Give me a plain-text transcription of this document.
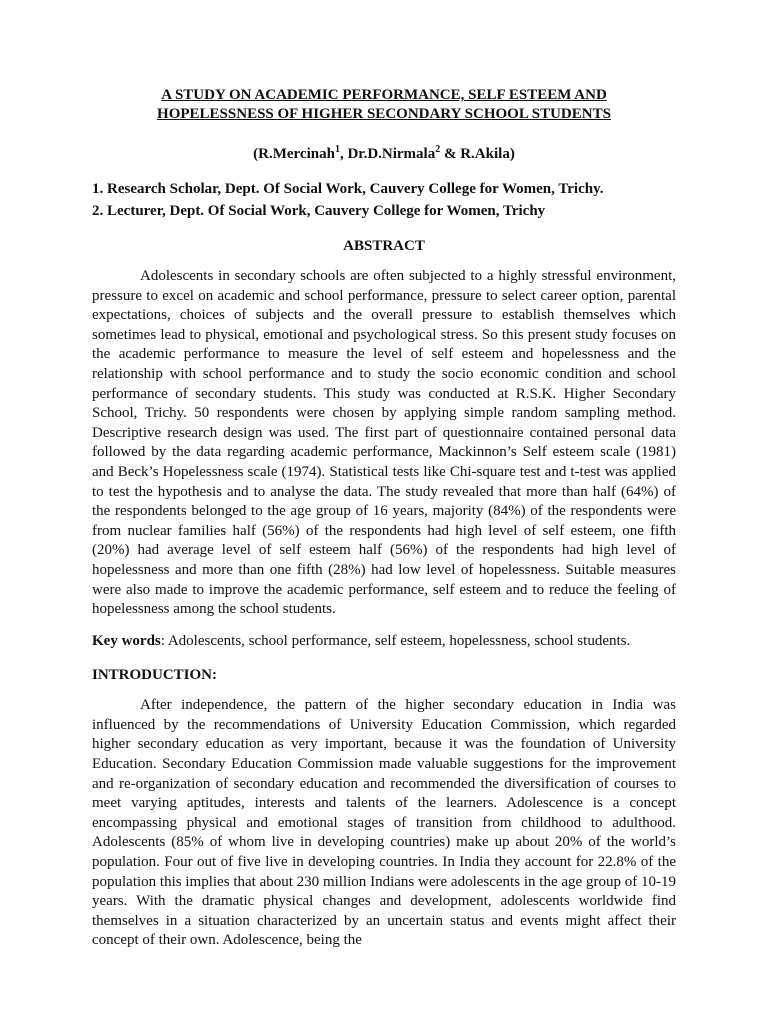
A STUDY ON ACADEMIC PERFORMANCE, SELF ESTEEM AND
HOPELESSNESS OF HIGHER SECONDARY SCHOOL STUDENTS
(R.Mercinah$^1$, Dr.D.Nirmala$^2$ & R.Akila)
1. Research Scholar, Dept. Of Social Work, Cauvery College for Women, Trichy.
2. Lecturer, Dept. Of Social Work, Cauvery College for Women, Trichy
ABSTRACT

Adolescents in secondary schools are often subjected to a highly stressful environment, pressure to excel on academic and school performance, pressure to select career option, parental expectations, choices of subjects and the overall pressure to establish themselves which sometimes lead to physical, emotional and psychological stress. So this present study focuses on the academic performance to measure the level of self esteem and hopelessness and the relationship with school performance and to study the socio economic condition and school performance of secondary students. This study was conducted at R.S.K. Higher Secondary School, Trichy. 50 respondents were chosen by applying simple random sampling method. Descriptive research design was used. The first part of questionnaire contained personal data followed by the data regarding academic performance, Mackinnon’s Self esteem scale (1981) and Beck’s Hopelessness scale (1974). Statistical tests like Chi-square test and t-test was applied to test the hypothesis and to analyse the data. The study revealed that more than half (64%) of the respondents belonged to the age group of 16 years, majority (84%) of the respondents were from nuclear families half (56%) of the respondents had high level of self esteem, one fifth (20%) had average level of self esteem half (56%) of the respondents had high level of hopelessness and more than one fifth (28%) had low level of hopelessness. Suitable measures were also made to improve the academic performance, self esteem and to reduce the feeling of hopelessness among the school students.

Key words: Adolescents, school performance, self esteem, hopelessness, school students.
INTRODUCTION:

After independence, the pattern of the higher secondary education in India was influenced by the recommendations of University Education Commission, which regarded higher secondary education as very important, because it was the foundation of University Education. Secondary Education Commission made valuable suggestions for the improvement and re-organization of secondary education and recommended the diversification of courses to meet varying aptitudes, interests and talents of the learners. Adolescence is a concept encompassing physical and emotional stages of transition from childhood to adulthood. Adolescents (85% of whom live in developing countries) make up about 20% of the world’s population. Four out of five live in developing countries. In India they account for 22.8% of the population this implies that about 230 million Indians were adolescents in the age group of 10-19 years. With the dramatic physical changes and development, adolescents worldwide find themselves in a situation characterized by an uncertain status and events might affect their concept of their own. Adolescence, being the
